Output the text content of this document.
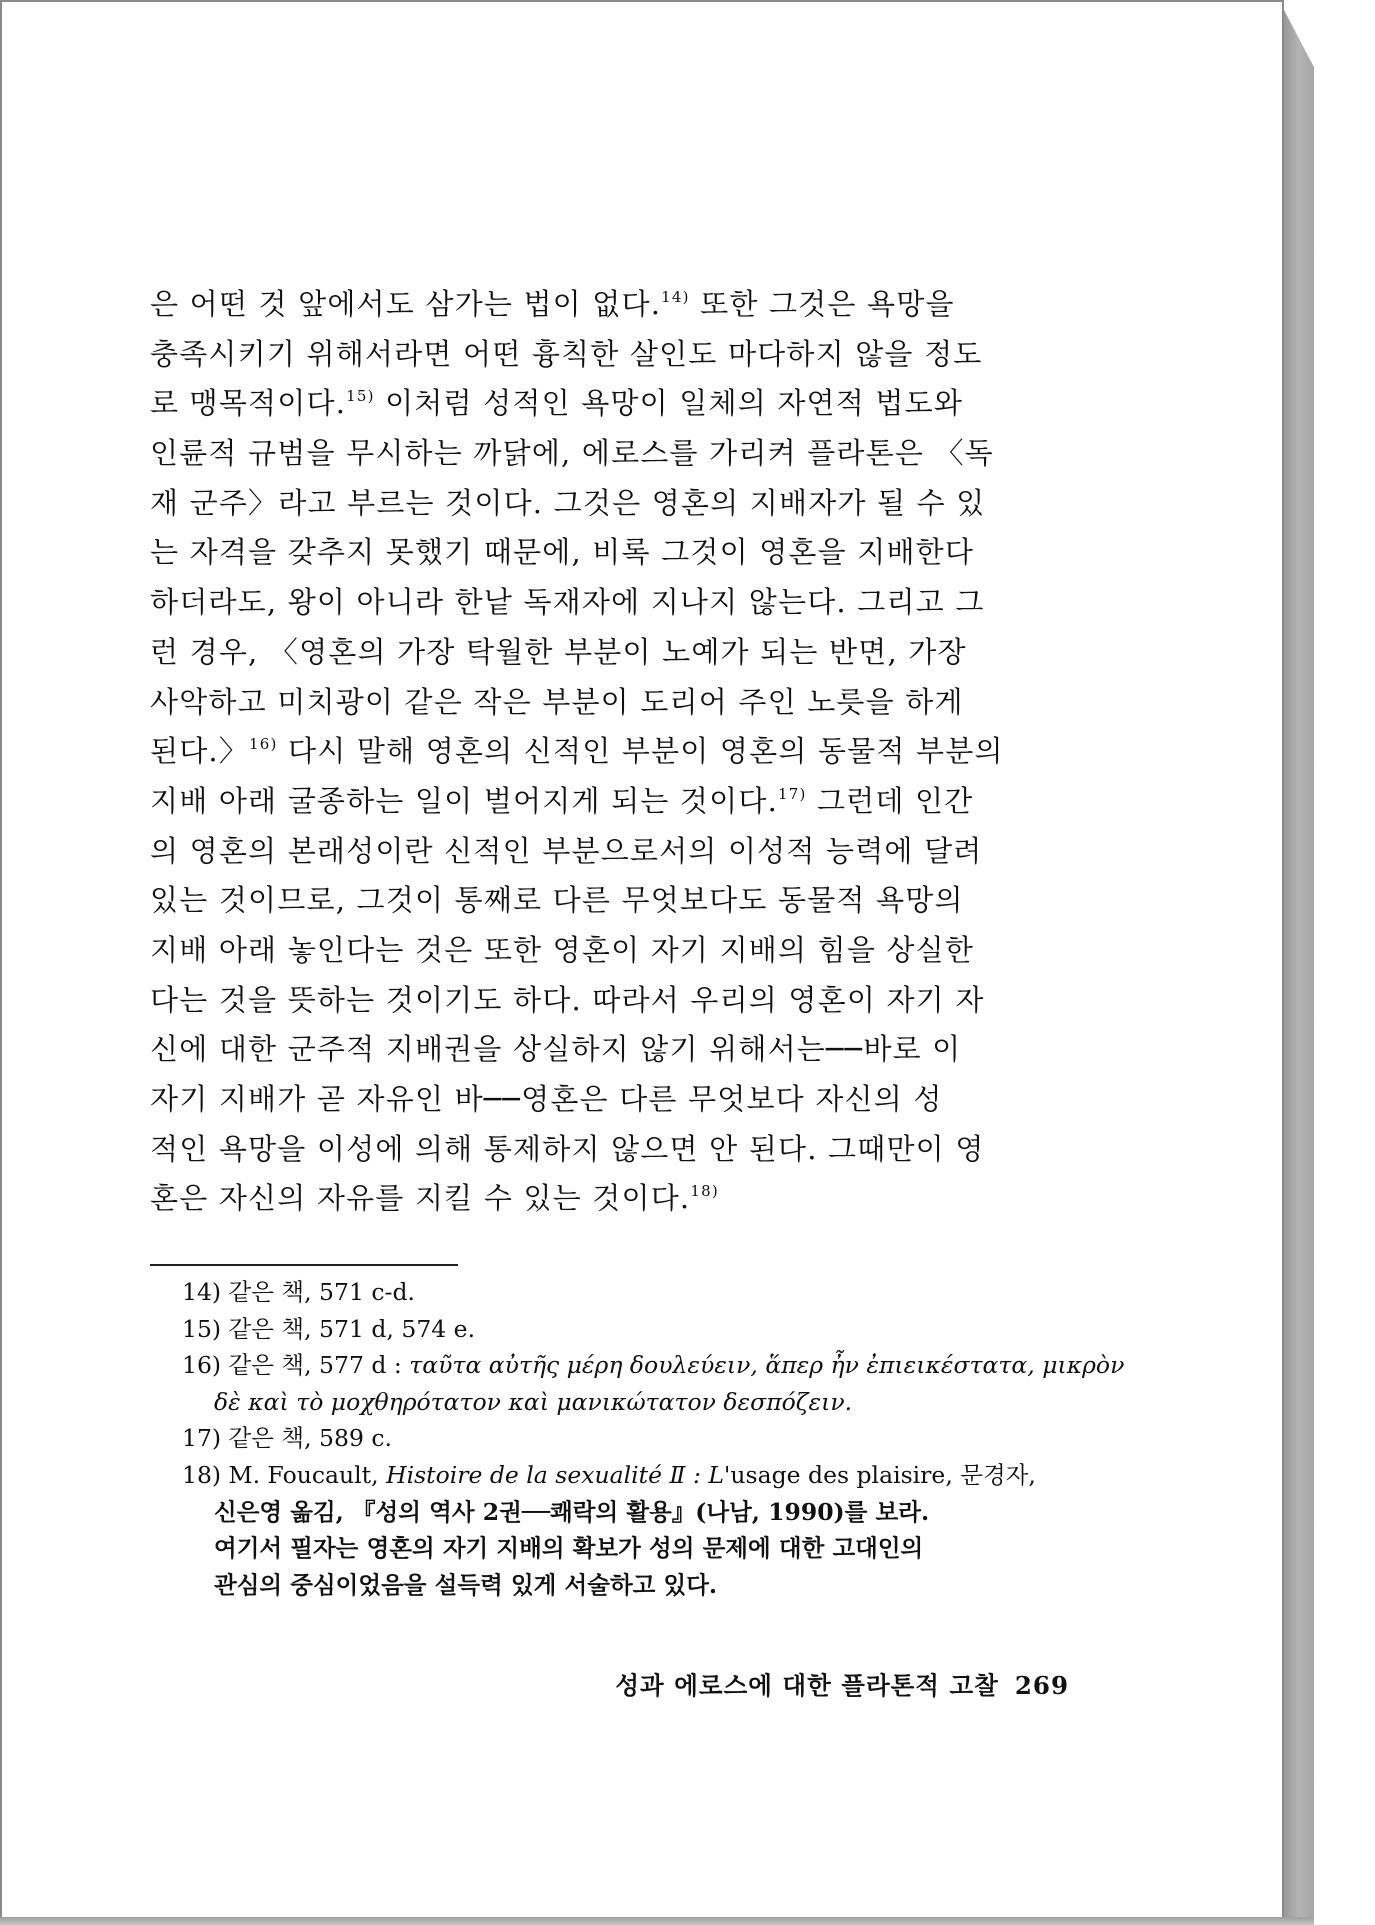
은 어떤 것 앞에서도 삼가는 법이 없다.$^{14)}$ 또한 그것은 욕망을
충족시키기 위해서라면 어떤 흉칙한 살인도 마다하지 않을 정도
로 맹목적이다.$^{15)}$ 이처럼 성적인 욕망이 일체의 자연적 법도와
인륜적 규범을 무시하는 까닭에, 에로스를 가리켜 플라톤은 〈독
재 군주〉라고 부르는 것이다. 그것은 영혼의 지배자가 될 수 있
는 자격을 갖추지 못했기 때문에, 비록 그것이 영혼을 지배한다
하더라도, 왕이 아니라 한낱 독재자에 지나지 않는다. 그리고 그
런 경우, 〈영혼의 가장 탁월한 부분이 노예가 되는 반면, 가장
사악하고 미치광이 같은 작은 부분이 도리어 주인 노릇을 하게
된다.〉$^{16)}$ 다시 말해 영혼의 신적인 부분이 영혼의 동물적 부분의
지배 아래 굴종하는 일이 벌어지게 되는 것이다.$^{17)}$ 그런데 인간
의 영혼의 본래성이란 신적인 부분으로서의 이성적 능력에 달려
있는 것이므로, 그것이 통째로 다른 무엇보다도 동물적 욕망의
지배 아래 놓인다는 것은 또한 영혼이 자기 지배의 힘을 상실한
다는 것을 뜻하는 것이기도 하다. 따라서 우리의 영혼이 자기 자
신에 대한 군주적 지배권을 상실하지 않기 위해서는──바로 이
자기 지배가 곧 자유인 바──영혼은 다른 무엇보다 자신의 성
적인 욕망을 이성에 의해 통제하지 않으면 안 된다. 그때만이 영
혼은 자신의 자유를 지킬 수 있는 것이다.$^{18)}$
14) 같은 책, 571 c-d.
15) 같은 책, 571 d, 574 e.
16) 같은 책, 577 d : ταῦτα αὐτῆς μέρη δουλεύειν, ἅπερ ἦν ἐπιεικέστατα, μικρὸν
δὲ καὶ τὸ μοχθηρότατον καὶ μανικώτατον δεσπόζειν.
17) 같은 책, 589 c.
18) M. Foucault, Histoire de la sexualité Ⅱ : L'usage des plaisire, 문경자,
신은영 옮김, 『성의 역사 2권──쾌락의 활용』(나남, 1990)를 보라.
여기서 필자는 영혼의 자기 지배의 확보가 성의 문제에 대한 고대인의
관심의 중심이었음을 설득력 있게 서술하고 있다.
성과 에로스에 대한 플라톤적 고찰 269
